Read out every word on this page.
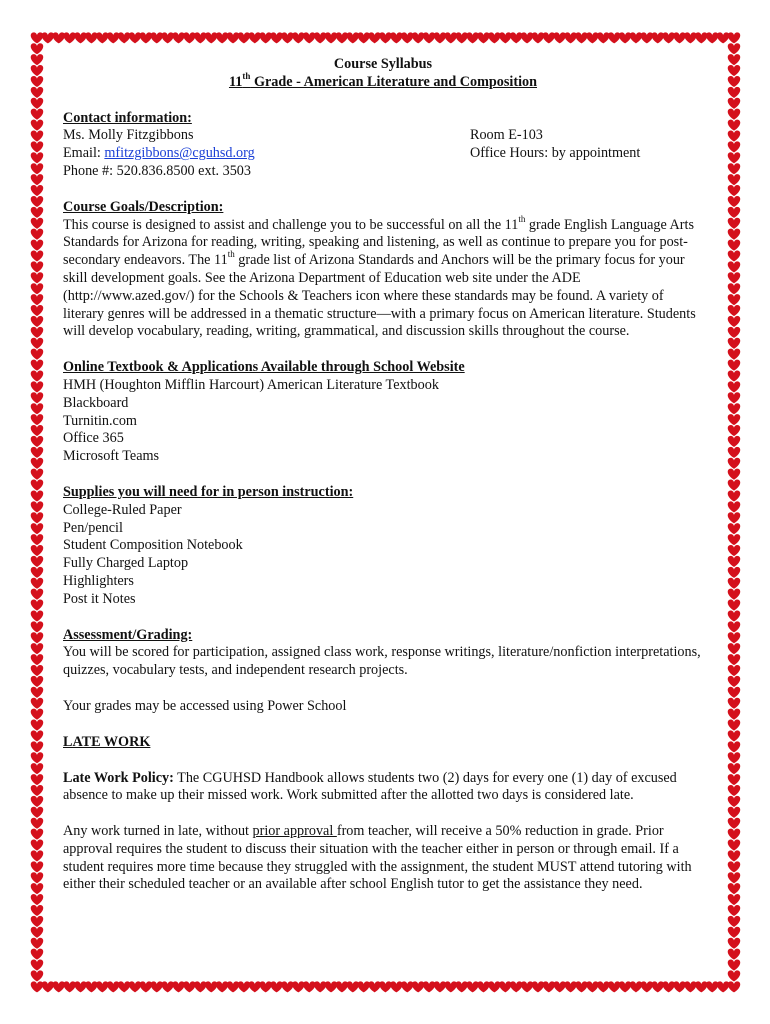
Course Syllabus
11th Grade - American Literature and Composition
Contact information:
Ms. Molly Fitzgibbons	Room E-103
Email: mfitzgibbons@cguhsd.org	Office Hours: by appointment
Phone #: 520.836.8500 ext. 3503
Course Goals/Description:

This course is designed to assist and challenge you to be successful on all the 11th grade English Language Arts Standards for Arizona for reading, writing, speaking and listening, as well as continue to prepare you for post-secondary endeavors. The 11th grade list of Arizona Standards and Anchors will be the primary focus for your skill development goals. See the Arizona Department of Education web site under the ADE (http://www.azed.gov/) for the Schools & Teachers icon where these standards may be found. A variety of literary genres will be addressed in a thematic structure—with a primary focus on American literature. Students will develop vocabulary, reading, writing, grammatical, and discussion skills throughout the course.

Online Textbook & Applications Available through School Website
HMH (Houghton Mifflin Harcourt) American Literature Textbook
Blackboard
Turnitin.com
Office 365
Microsoft Teams
Supplies you will need for in person instruction:
College-Ruled Paper
Pen/pencil
Student Composition Notebook
Fully Charged Laptop
Highlighters
Post it Notes
Assessment/Grading:

You will be scored for participation, assigned class work, response writings, literature/nonfiction interpretations, quizzes, vocabulary tests, and independent research projects.

Your grades may be accessed using Power School

LATE WORK

Late Work Policy: The CGUHSD Handbook allows students two (2) days for every one (1) day of excused absence to make up their missed work. Work submitted after the allotted two days is considered late.

Any work turned in late, without prior approval from teacher, will receive a 50% reduction in grade. Prior approval requires the student to discuss their situation with the teacher either in person or through email. If a student requires more time because they struggled with the assignment, the student MUST attend tutoring with either their scheduled teacher or an available after school English tutor to get the assistance they need.
